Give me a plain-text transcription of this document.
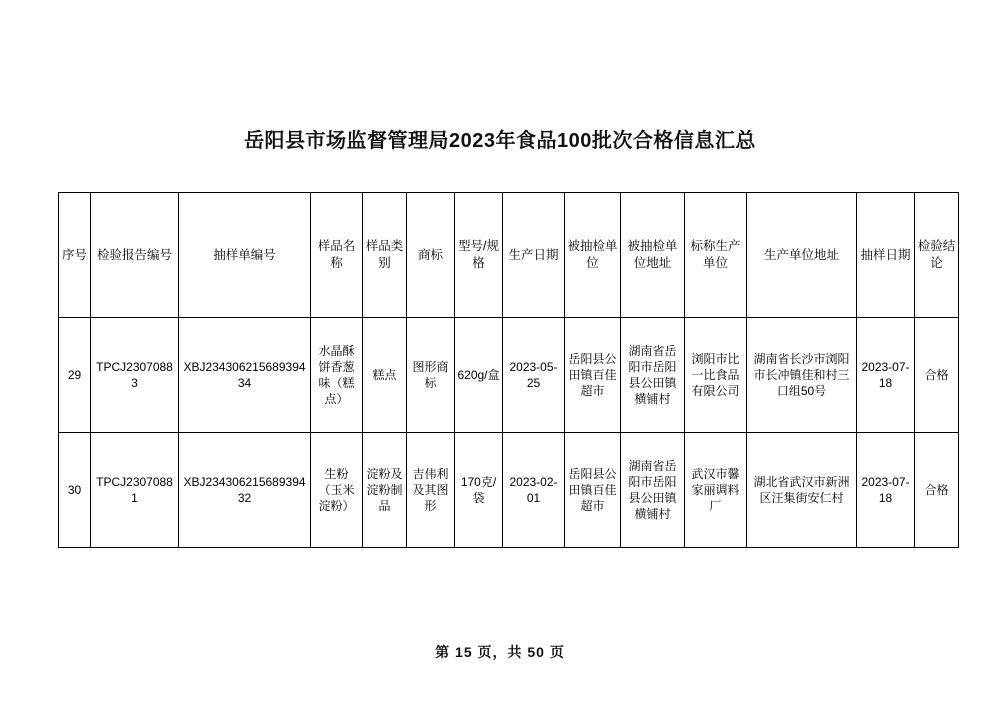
岳阳县市场监督管理局2023年食品100批次合格信息汇总
序号	检验报告编号	抽样单编号	样品名称	样品类别	商标	型号/规格	生产日期	被抽检单位	被抽检单位地址	标称生产单位	生产单位地址	抽样日期	检验结论
29	TPCJ23070883	XBJ23430621568939434	水晶酥饼香葱味（糕点）	糕点	图形商标	620g/盒	2023-05-25	岳阳县公田镇百佳超市	湖南省岳阳市岳阳县公田镇横铺村	浏阳市比一比食品有限公司	湖南省长沙市浏阳市长冲镇佳和村三口组50号	2023-07-18	合格
30	TPCJ23070881	XBJ23430621568939432	生粉（玉米淀粉）	淀粉及淀粉制品	吉伟利及其图形	170克/袋	2023-02-01	岳阳县公田镇百佳超市	湖南省岳阳市岳阳县公田镇横铺村	武汉市馨家丽调料厂	湖北省武汉市新洲区汪集街安仁村	2023-07-18	合格
第 15 页，共 50 页
